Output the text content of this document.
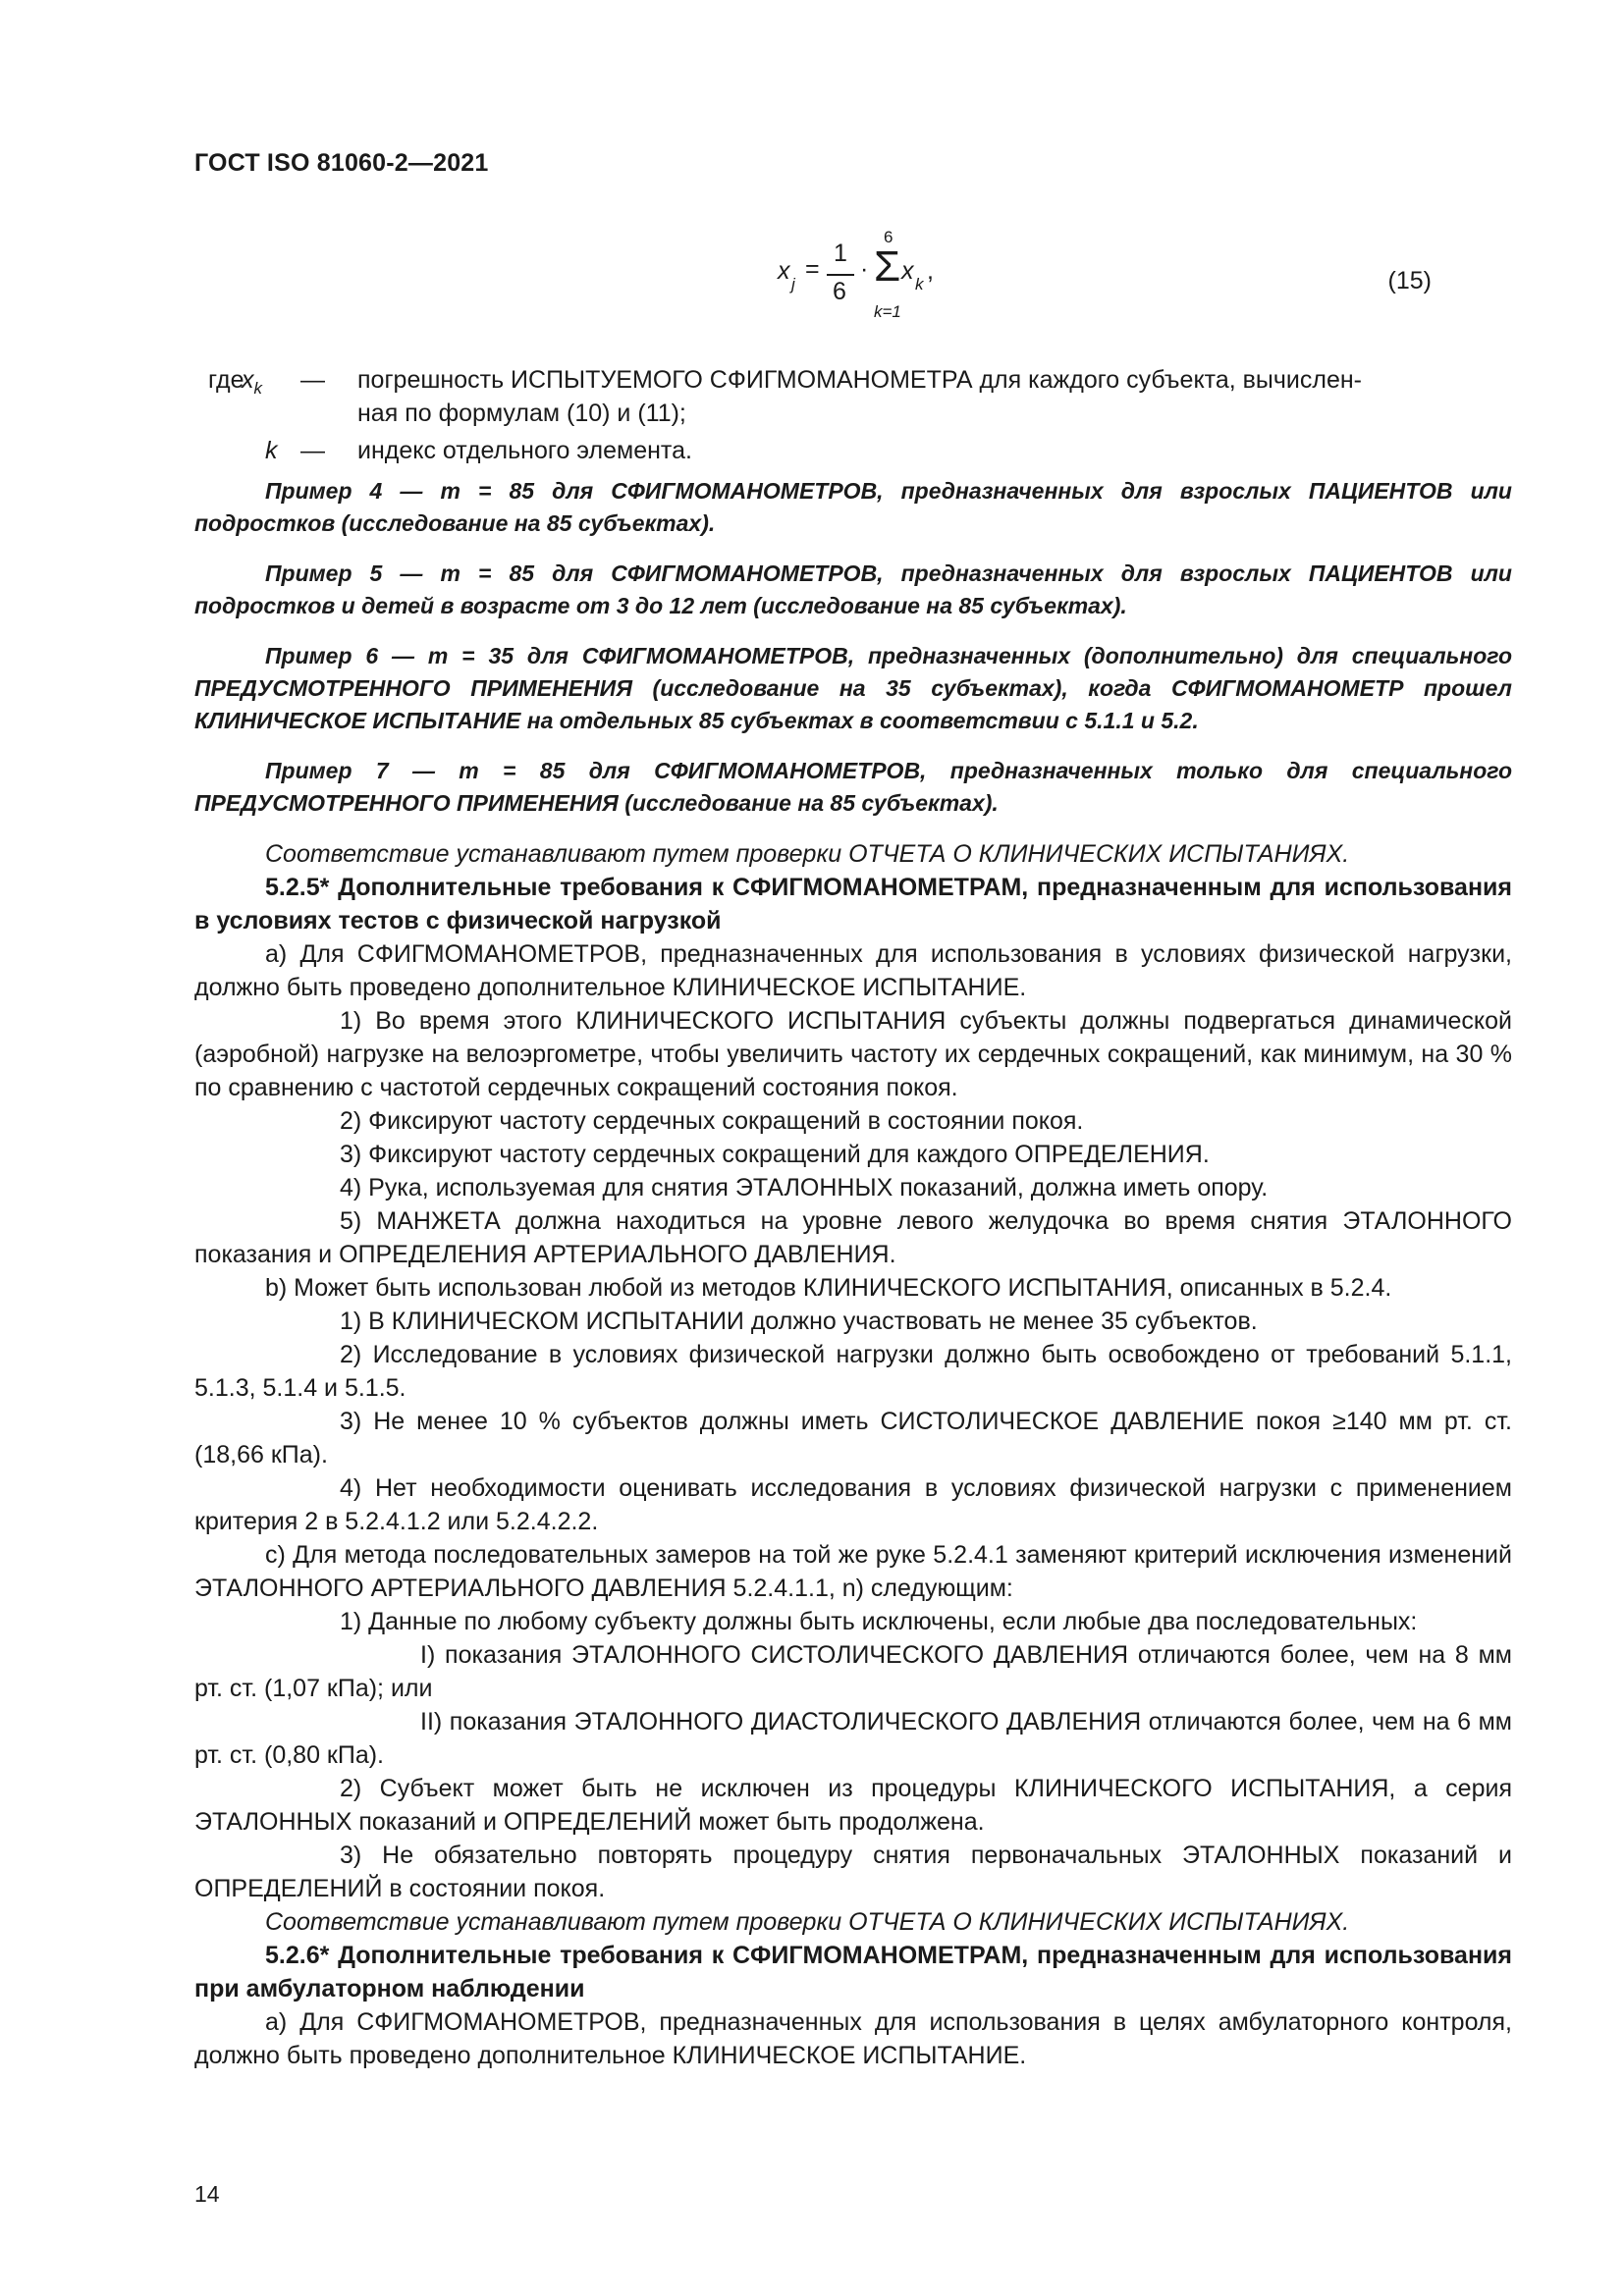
ГОСТ ISO 81060-2—2021
x j
=
1
6
·
6
Σ
k=1
x k ,	(15)
где
$x_k$ — погрешность ИСПЫТУЕМОГО СФИГМОМАНОМЕТРА для каждого субъекта, вычислен-
ная по формулам (10) и (11);
k — индекс отдельного элемента.

Пример 4 — m = 85 для СФИГМОМАНОМЕТРОВ, предназначенных для взрослых ПАЦИЕНТОВ или подростков (исследование на 85 субъектах).

Пример 5 — m = 85 для СФИГМОМАНОМЕТРОВ, предназначенных для взрослых ПАЦИЕНТОВ или подростков и детей в возрасте от 3 до 12 лет (исследование на 85 субъектах).

Пример 6 — m = 35 для СФИГМОМАНОМЕТРОВ, предназначенных (дополнительно) для специального ПРЕДУСМОТРЕННОГО ПРИМЕНЕНИЯ (исследование на 35 субъектах), когда СФИГМОМАНОМЕТР прошел КЛИНИЧЕСКОЕ ИСПЫТАНИЕ на отдельных 85 субъектах в соответствии с 5.1.1 и 5.2.

Пример 7 — m = 85 для СФИГМОМАНОМЕТРОВ, предназначенных только для специального ПРЕДУСМОТРЕННОГО ПРИМЕНЕНИЯ (исследование на 85 субъектах).

Соответствие устанавливают путем проверки ОТЧЕТА О КЛИНИЧЕСКИХ ИСПЫТАНИЯХ.

5.2.5* Дополнительные требования к СФИГМОМАНОМЕТРАМ, предназначенным для использования в условиях тестов с физической нагрузкой

a) Для СФИГМОМАНОМЕТРОВ, предназначенных для использования в условиях физической нагрузки, должно быть проведено дополнительное КЛИНИЧЕСКОЕ ИСПЫТАНИЕ.

1) Во время этого КЛИНИЧЕСКОГО ИСПЫТАНИЯ субъекты должны подвергаться динамической (аэробной) нагрузке на велоэргометре, чтобы увеличить частоту их сердечных сокращений, как минимум, на 30 % по сравнению с частотой сердечных сокращений состояния покоя.

2) Фиксируют частоту сердечных сокращений в состоянии покоя.

3) Фиксируют частоту сердечных сокращений для каждого ОПРЕДЕЛЕНИЯ.

4) Рука, используемая для снятия ЭТАЛОННЫХ показаний, должна иметь опору.

5) МАНЖЕТА должна находиться на уровне левого желудочка во время снятия ЭТАЛОННОГО показания и ОПРЕДЕЛЕНИЯ АРТЕРИАЛЬНОГО ДАВЛЕНИЯ.

b) Может быть использован любой из методов КЛИНИЧЕСКОГО ИСПЫТАНИЯ, описанных в 5.2.4.

1) В КЛИНИЧЕСКОМ ИСПЫТАНИИ должно участвовать не менее 35 субъектов.

2) Исследование в условиях физической нагрузки должно быть освобождено от требований 5.1.1, 5.1.3, 5.1.4 и 5.1.5.

3) Не менее 10 % субъектов должны иметь СИСТОЛИЧЕСКОЕ ДАВЛЕНИЕ покоя ≥140 мм рт. ст. (18,66 кПа).

4) Нет необходимости оценивать исследования в условиях физической нагрузки с применением критерия 2 в 5.2.4.1.2 или 5.2.4.2.2.

c) Для метода последовательных замеров на той же руке 5.2.4.1 заменяют критерий исключения изменений ЭТАЛОННОГО АРТЕРИАЛЬНОГО ДАВЛЕНИЯ 5.2.4.1.1, n) следующим:

1) Данные по любому субъекту должны быть исключены, если любые два последовательных:

I) показания ЭТАЛОННОГО СИСТОЛИЧЕСКОГО ДАВЛЕНИЯ отличаются более, чем на 8 мм рт. ст. (1,07 кПа); или

II) показания ЭТАЛОННОГО ДИАСТОЛИЧЕСКОГО ДАВЛЕНИЯ отличаются более, чем на 6 мм рт. ст. (0,80 кПа).

2) Субъект может быть не исключен из процедуры КЛИНИЧЕСКОГО ИСПЫТАНИЯ, а серия ЭТАЛОННЫХ показаний и ОПРЕДЕЛЕНИЙ может быть продолжена.

3) Не обязательно повторять процедуру снятия первоначальных ЭТАЛОННЫХ показаний и ОПРЕДЕЛЕНИЙ в состоянии покоя.

Соответствие устанавливают путем проверки ОТЧЕТА О КЛИНИЧЕСКИХ ИСПЫТАНИЯХ.

5.2.6* Дополнительные требования к СФИГМОМАНОМЕТРАМ, предназначенным для использования при амбулаторном наблюдении

a) Для СФИГМОМАНОМЕТРОВ, предназначенных для использования в целях амбулаторного контроля, должно быть проведено дополнительное КЛИНИЧЕСКОЕ ИСПЫТАНИЕ.

14
